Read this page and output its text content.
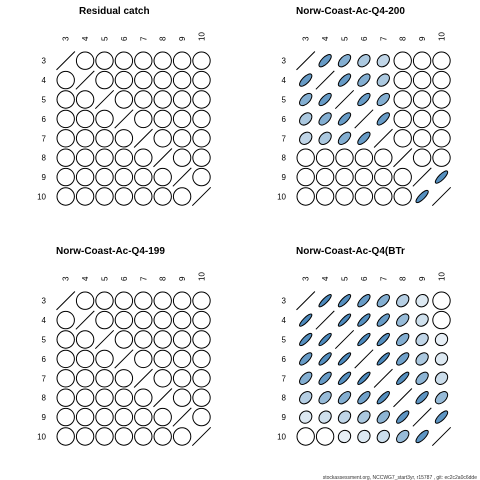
Residual catch
3
3
4
4
5
5
6
6
7
7
8
8
9
9
10
10
Norw-Coast-Ac-Q4-200
3
3
4
4
5
5
6
6
7
7
8
8
9
9
10
10
Norw-Coast-Ac-Q4-199
3
3
4
4
5
5
6
6
7
7
8
8
9
9
10
10
Norw-Coast-Ac-Q4(BTr
3
3
4
4
5
5
6
6
7
7
8
8
9
9
10
10
stockassessment.org, NCCWG7_start3yr, r15787 , git: ec2c2a0c6dde
